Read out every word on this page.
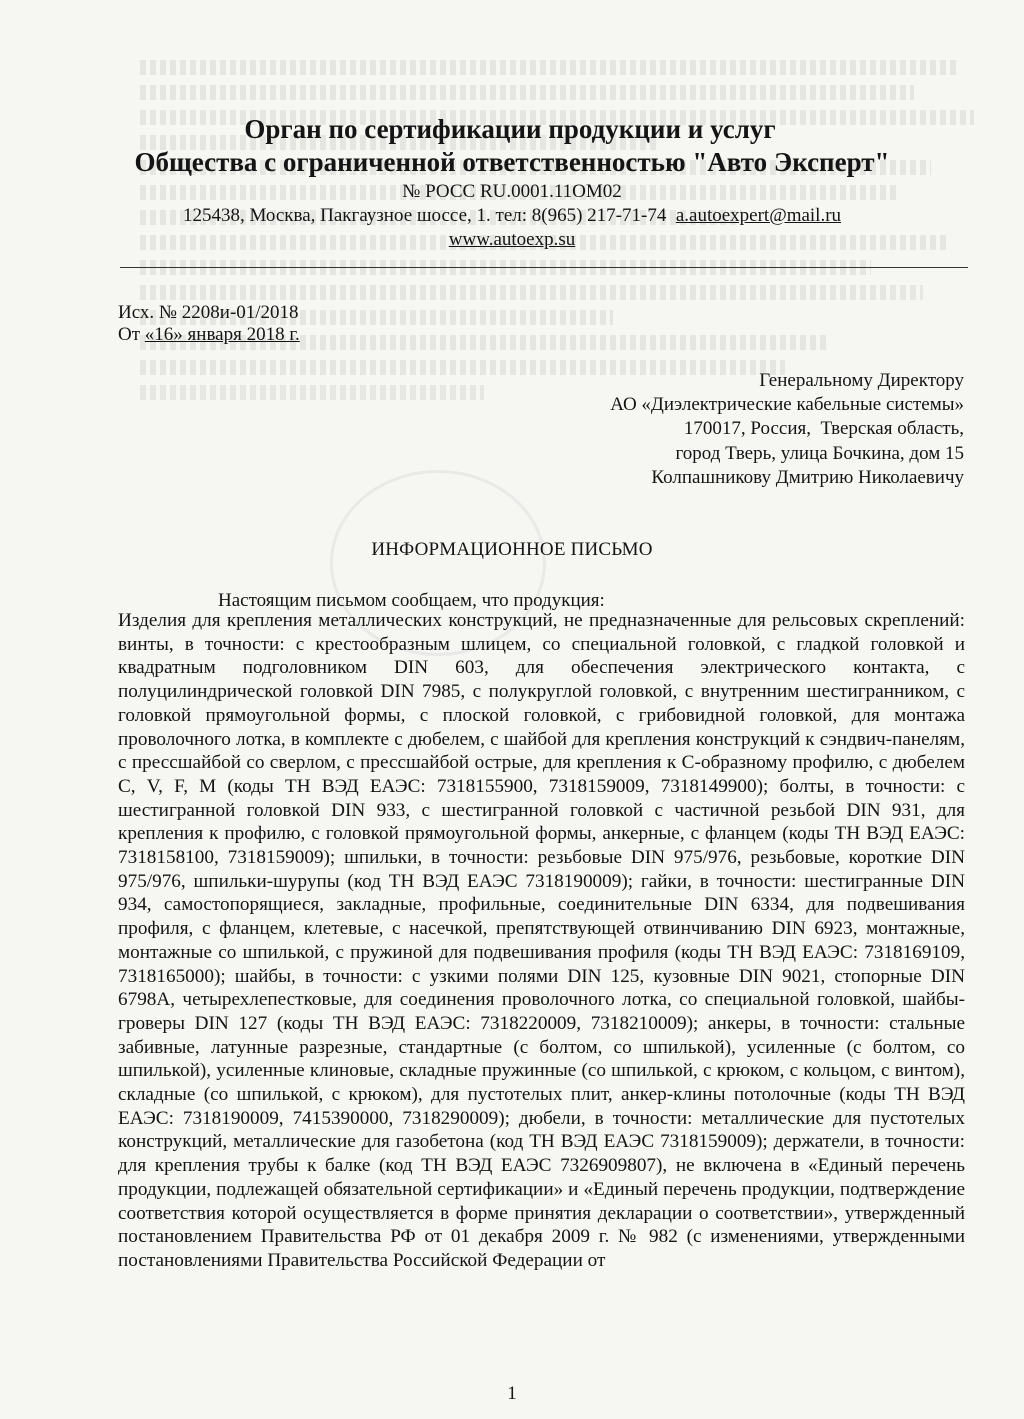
Орган по сертификации продукции и услуг
Общества с ограниченной ответственностью "Авто Эксперт"
№ РОСС RU.0001.11ОМ02
125438, Москва, Пакгаузное шоссе, 1. тел: 8(965) 217-71-74 a.autoexpert@mail.ru
www.autoexp.su
Исх. № 2208и-01/2018
От «16» января 2018 г.
Генеральному Директору
АО «Диэлектрические кабельные системы»
170017, Россия,  Тверская область,
город Тверь, улица Бочкина, дом 15
Колпашникову Дмитрию Николаевичу
ИНФОРМАЦИОННОЕ ПИСЬМО
Настоящим письмом сообщаем, что продукция:
Изделия для крепления металлических конструкций, не предназначенные для рельсовых скреплений: винты, в точности: с крестообразным шлицем, со специальной головкой, с гладкой головкой и квадратным подголовником DIN 603, для обеспечения электрического контакта, с полуцилиндрической головкой DIN 7985, с полукруглой головкой, с внутренним шестигранником, с головкой прямоугольной формы, с плоской головкой, с грибовидной головкой, для монтажа проволочного лотка, в комплекте с дюбелем, с шайбой для крепления конструкций к сэндвич-панелям, с прессшайбой со сверлом, с прессшайбой острые, для крепления к С-образному профилю, с дюбелем С, V, F, M (коды ТН ВЭД ЕАЭС: 7318155900, 7318159009, 7318149900); болты, в точности: с шестигранной головкой DIN 933, с шестигранной головкой с частичной резьбой DIN 931, для крепления к профилю, с головкой прямоугольной формы, анкерные, с фланцем (коды ТН ВЭД ЕАЭС: 7318158100, 7318159009); шпильки, в точности: резьбовые DIN 975/976, резьбовые, короткие DIN 975/976, шпильки-шурупы (код ТН ВЭД ЕАЭС 7318190009); гайки, в точности: шестигранные DIN 934, самостопорящиеся, закладные, профильные, соединительные DIN 6334, для подвешивания профиля, с фланцем, клетевые, с насечкой, препятствующей отвинчиванию DIN 6923, монтажные, монтажные со шпилькой, с пружиной для подвешивания профиля (коды ТН ВЭД ЕАЭС: 7318169109, 7318165000); шайбы, в точности: с узкими полями DIN 125, кузовные DIN 9021, стопорные DIN 6798A, четырехлепестковые, для соединения проволочного лотка, со специальной головкой, шайбы-гроверы DIN 127 (коды ТН ВЭД ЕАЭС: 7318220009, 7318210009); анкеры, в точности: стальные забивные, латунные разрезные, стандартные (с болтом, со шпилькой), усиленные (с болтом, со шпилькой), усиленные клиновые, складные пружинные (со шпилькой, с крюком, с кольцом, с винтом), складные (со шпилькой, с крюком), для пустотелых плит, анкер-клины потолочные (коды ТН ВЭД ЕАЭС: 7318190009, 7415390000, 7318290009); дюбели, в точности: металлические для пустотелых конструкций, металлические для газобетона (код ТН ВЭД ЕАЭС 7318159009); держатели, в точности: для крепления трубы к балке (код ТН ВЭД ЕАЭС 7326909807), не включена в «Единый перечень продукции, подлежащей обязательной сертификации» и «Единый перечень продукции, подтверждение соответствия которой осуществляется в форме принятия декларации о соответствии», утвержденный постановлением Правительства РФ от 01 декабря 2009 г. № 982 (с изменениями, утвержденными постановлениями Правительства Российской Федерации от
1
